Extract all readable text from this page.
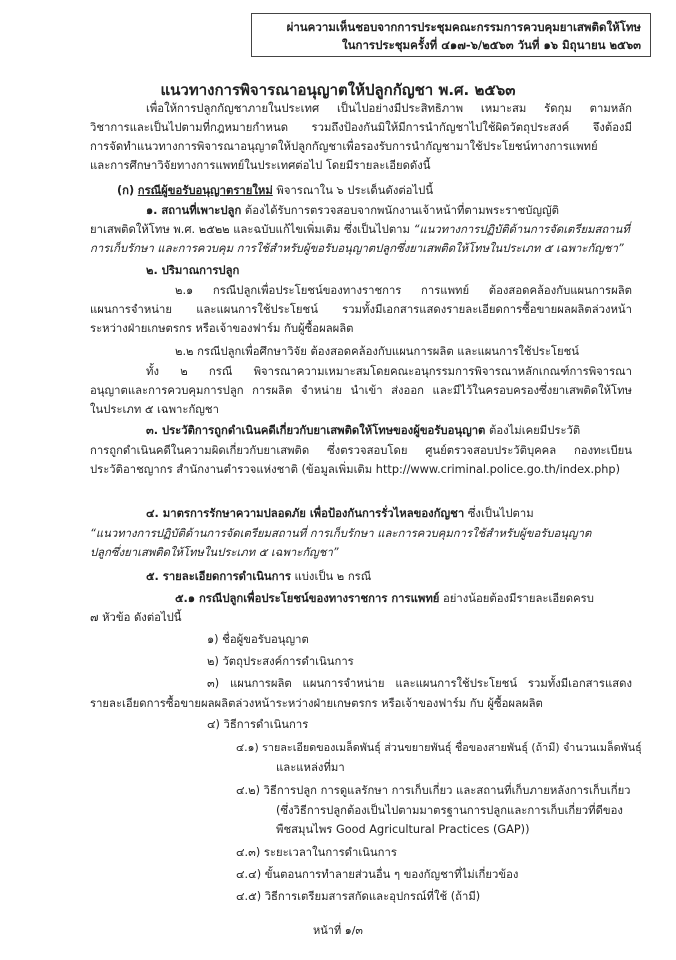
ผ่านความเห็นชอบจากการประชุมคณะกรรมการควบคุมยาเสพติดให้โทษ
ในการประชุมครั้งที่ ๔๑๗-๖/๒๕๖๓ วันที่ ๑๖ มิถุนายน ๒๕๖๓
แนวทางการพิจารณาอนุญาตให้ปลูกกัญชา พ.ศ. ๒๕๖๓
เพื่อให้การปลูกกัญชาภายในประเทศ เป็นไปอย่างมีประสิทธิภาพ เหมาะสม รัดกุม ตามหลัก
วิชาการและเป็นไปตามที่กฎหมายกำหนด รวมถึงป้องกันมิให้มีการนำกัญชาไปใช้ผิดวัตถุประสงค์ จึงต้องมี
การจัดทำแนวทางการพิจารณาอนุญาตให้ปลูกกัญชาเพื่อรองรับการนำกัญชามาใช้ประโยชน์ทางการแพทย์
และการศึกษาวิจัยทางการแพทย์ในประเทศต่อไป โดยมีรายละเอียดดังนี้
(ก) กรณีผู้ขอรับอนุญาตรายใหม่ พิจารณาใน ๖ ประเด็นดังต่อไปนี้
๑. สถานที่เพาะปลูก ต้องได้รับการตรวจสอบจากพนักงานเจ้าหน้าที่ตามพระราชบัญญัติ
ยาเสพติดให้โทษ พ.ศ. ๒๕๒๒ และฉบับแก้ไขเพิ่มเติม ซึ่งเป็นไปตาม “แนวทางการปฏิบัติด้านการจัดเตรียมสถานที่
การเก็บรักษา และการควบคุม การใช้สำหรับผู้ขอรับอนุญาตปลูกซึ่งยาเสพติดให้โทษในประเภท ๕ เฉพาะกัญชา”
๒. ปริมาณการปลูก
๒.๑ กรณีปลูกเพื่อประโยชน์ของทางราชการ การแพทย์ ต้องสอดคล้องกับแผนการผลิต
แผนการจำหน่าย และแผนการใช้ประโยชน์ รวมทั้งมีเอกสารแสดงรายละเอียดการซื้อขายผลผลิตล่วงหน้า
ระหว่างฝ่ายเกษตรกร หรือเจ้าของฟาร์ม กับผู้ซื้อผลผลิต
๒.๒ กรณีปลูกเพื่อศึกษาวิจัย ต้องสอดคล้องกับแผนการผลิต และแผนการใช้ประโยชน์
ทั้ง ๒ กรณี พิจารณาความเหมาะสมโดยคณะอนุกรรมการพิจารณาหลักเกณฑ์การพิจารณา
อนุญาตและการควบคุมการปลูก การผลิต จำหน่าย นำเข้า ส่งออก และมีไว้ในครอบครองซึ่งยาเสพติดให้โทษ
ในประเภท ๕ เฉพาะกัญชา
๓. ประวัติการถูกดำเนินคดีเกี่ยวกับยาเสพติดให้โทษของผู้ขอรับอนุญาต ต้องไม่เคยมีประวัติ
การถูกดำเนินคดีในความผิดเกี่ยวกับยาเสพติด ซึ่งตรวจสอบโดย ศูนย์ตรวจสอบประวัติบุคคล กองทะเบียน
ประวัติอาชญากร สำนักงานตำรวจแห่งชาติ (ข้อมูลเพิ่มเติม http://www.criminal.police.go.th/index.php)
๔. มาตรการรักษาความปลอดภัย เพื่อป้องกันการรั่วไหลของกัญชา ซึ่งเป็นไปตาม
“แนวทางการปฏิบัติด้านการจัดเตรียมสถานที่ การเก็บรักษา และการควบคุมการใช้สำหรับผู้ขอรับอนุญาต
ปลูกซึ่งยาเสพติดให้โทษในประเภท ๕ เฉพาะกัญชา”
๕. รายละเอียดการดำเนินการ แบ่งเป็น ๒ กรณี
๕.๑ กรณีปลูกเพื่อประโยชน์ของทางราชการ การแพทย์ อย่างน้อยต้องมีรายละเอียดครบ
๗ หัวข้อ ดังต่อไปนี้
๑) ชื่อผู้ขอรับอนุญาต
๒) วัตถุประสงค์การดำเนินการ
๓) แผนการผลิต แผนการจำหน่าย และแผนการใช้ประโยชน์ รวมทั้งมีเอกสารแสดง
รายละเอียดการซื้อขายผลผลิตล่วงหน้าระหว่างฝ่ายเกษตรกร หรือเจ้าของฟาร์ม กับ ผู้ซื้อผลผลิต
๔) วิธีการดำเนินการ
๔.๑) รายละเอียดของเมล็ดพันธุ์ ส่วนขยายพันธุ์ ชื่อของสายพันธุ์ (ถ้ามี) จำนวนเมล็ดพันธุ์
และแหล่งที่มา
๔.๒) วิธีการปลูก การดูแลรักษา การเก็บเกี่ยว และสถานที่เก็บภายหลังการเก็บเกี่ยว
(ซึ่งวิธีการปลูกต้องเป็นไปตามมาตรฐานการปลูกและการเก็บเกี่ยวที่ดีของ
พืชสมุนไพร Good Agricultural Practices (GAP))
๔.๓) ระยะเวลาในการดำเนินการ
๔.๔) ขั้นตอนการทำลายส่วนอื่น ๆ ของกัญชาที่ไม่เกี่ยวข้อง
๔.๕) วิธีการเตรียมสารสกัดและอุปกรณ์ที่ใช้ (ถ้ามี)
หน้าที่ ๑/๓
